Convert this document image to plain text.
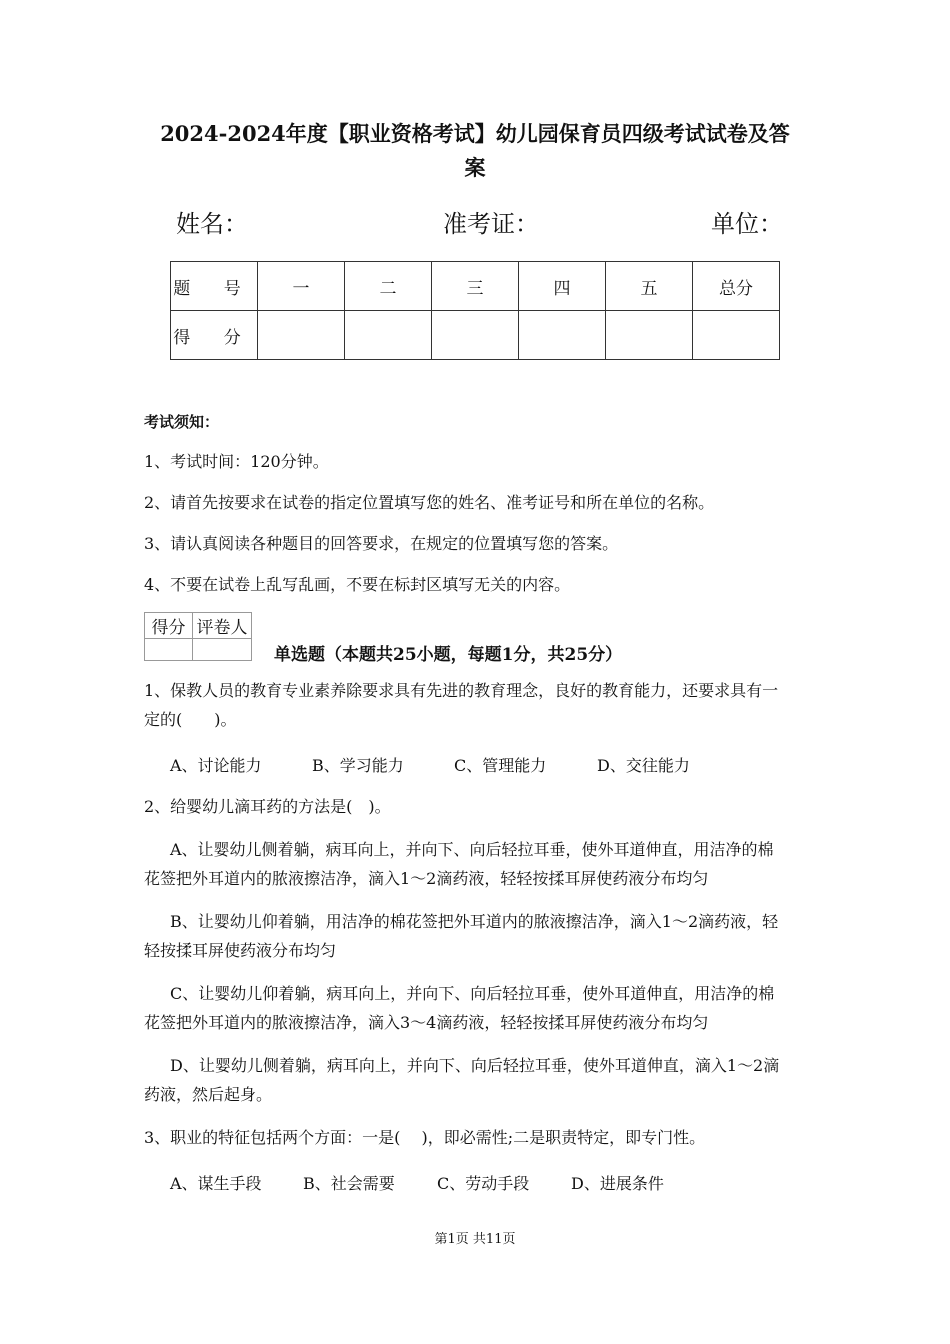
2024-2024年度【职业资格考试】幼儿园保育员四级考试试卷及答
案
姓名：	准考证：	单位：
题 号	一	二	三	四	五	总分
得 分						
考试须知：
1、考试时间：120分钟。
2、请首先按要求在试卷的指定位置填写您的姓名、准考证号和所在单位的名称。
3、请认真阅读各种题目的回答要求，在规定的位置填写您的答案。
4、不要在试卷上乱写乱画，不要在标封区填写无关的内容。
得分	评卷人

单选题（本题共25小题，每题1分，共25分）
1、保教人员的教育专业素养除要求具有先进的教育理念，良好的教育能力，还要求具有一
定的(　　)。
A、讨论能力	B、学习能力	C、管理能力	D、交往能力
2、给婴幼儿滴耳药的方法是(　)。
A、让婴幼儿侧着躺，病耳向上，并向下、向后轻拉耳垂，使外耳道伸直，用洁净的棉
花签把外耳道内的脓液擦洁净，滴入1～2滴药液，轻轻按揉耳屏使药液分布均匀
B、让婴幼儿仰着躺，用洁净的棉花签把外耳道内的脓液擦洁净，滴入1～2滴药液，轻
轻按揉耳屏使药液分布均匀
C、让婴幼儿仰着躺，病耳向上，并向下、向后轻拉耳垂，使外耳道伸直，用洁净的棉
花签把外耳道内的脓液擦洁净，滴入3～4滴药液，轻轻按揉耳屏使药液分布均匀
D、让婴幼儿侧着躺，病耳向上，并向下、向后轻拉耳垂，使外耳道伸直，滴入1～2滴
药液，然后起身。
3、职业的特征包括两个方面：一是(　 )，即必需性;二是职责特定，即专门性。
A、谋生手段	B、社会需要	C、劳动手段	D、进展条件
第1页 共11页
